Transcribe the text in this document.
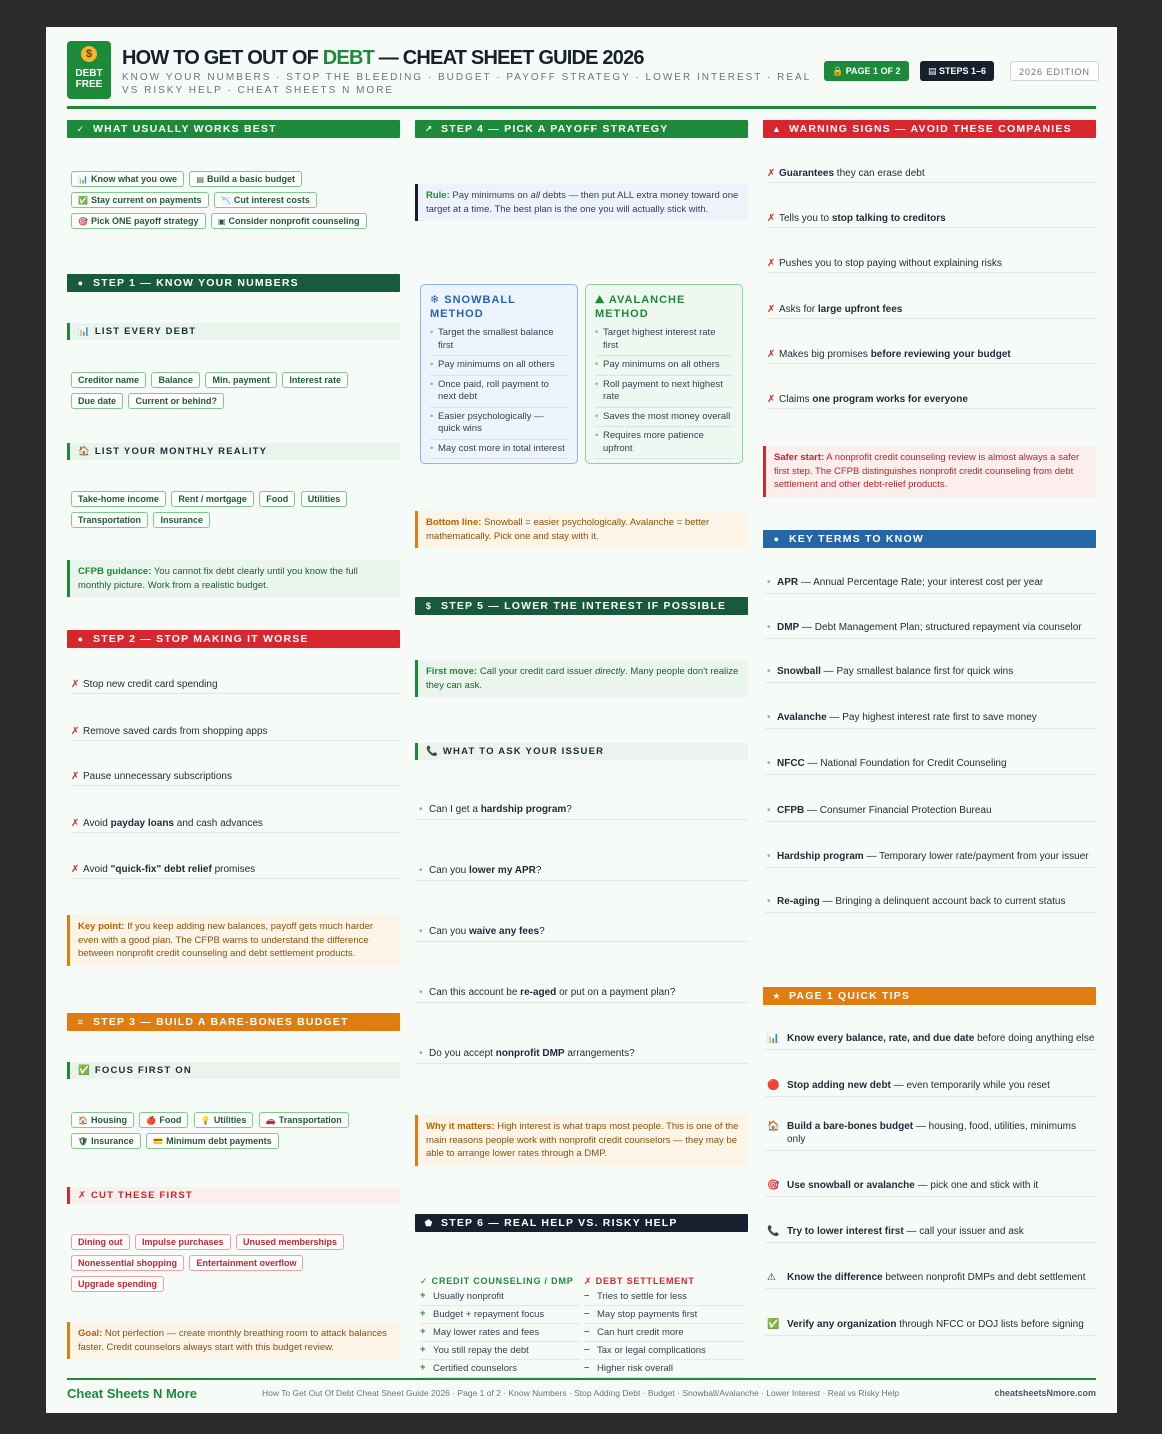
$
DEBT
FREE
HOW TO GET OUT OF DEBT — CHEAT SHEET GUIDE 2026
KNOW YOUR NUMBERS · STOP THE BLEEDING · BUDGET · PAYOFF STRATEGY · LOWER INTEREST · REAL VS RISKY HELP · CHEAT SHEETS N MORE
🔒 PAGE 1 OF 2	▤ STEPS 1–6	2026 EDITION
✓ WHAT USUALLY WORKS BEST
📊 Know what you owe ▤ Build a basic budget ✅ Stay current on payments 📉 Cut interest costs 🎯 Pick ONE payoff strategy ▣ Consider nonprofit counseling
● STEP 1 — KNOW YOUR NUMBERS
📊 LIST EVERY DEBT
Creditor name Balance Min. payment Interest rate Due date Current or behind?
🏠 LIST YOUR MONTHLY REALITY
Take-home income Rent / mortgage Food Utilities Transportation Insurance
CFPB guidance: You cannot fix debt clearly until you know the full monthly picture. Work from a realistic budget.
● STEP 2 — STOP MAKING IT WORSE
✗ Stop new credit card spending
✗ Remove saved cards from shopping apps
✗ Pause unnecessary subscriptions
✗ Avoid payday loans and cash advances
✗ Avoid "quick-fix" debt relief promises
Key point: If you keep adding new balances, payoff gets much harder even with a good plan. The CFPB warns to understand the difference between nonprofit credit counseling and debt settlement products.
≡ STEP 3 — BUILD A BARE-BONES BUDGET
✅ FOCUS FIRST ON
🏠 Housing 🍎 Food 💡 Utilities 🚗 Transportation 🛡 Insurance 💳 Minimum debt payments
✗ CUT THESE FIRST
Dining out Impulse purchases Unused memberships Nonessential shopping Entertainment overflow Upgrade spending
Goal: Not perfection — create monthly breathing room to attack balances faster. Credit counselors always start with this budget review.
↗ STEP 4 — PICK A PAYOFF STRATEGY
Rule: Pay minimums on all debts — then put ALL extra money toward one target at a time. The best plan is the one you will actually stick with.
❄ SNOWBALL METHOD
• Target the smallest balance first
• Pay minimums on all others
• Once paid, roll payment to next debt
• Easier psychologically — quick wins
• May cost more in total interest
⛰ AVALANCHE METHOD
• Target highest interest rate first
• Pay minimums on all others
• Roll payment to next highest rate
• Saves the most money overall
• Requires more patience upfront
Bottom line: Snowball = easier psychologically. Avalanche = better mathematically. Pick one and stay with it.
$ STEP 5 — LOWER THE INTEREST IF POSSIBLE
First move: Call your credit card issuer directly. Many people don't realize they can ask.
📞 WHAT TO ASK YOUR ISSUER
• Can I get a hardship program?
• Can you lower my APR?
• Can you waive any fees?
• Can this account be re-aged or put on a payment plan?
• Do you accept nonprofit DMP arrangements?
Why it matters: High interest is what traps most people. This is one of the main reasons people work with nonprofit credit counselors — they may be able to arrange lower rates through a DMP.
⬟ STEP 6 — REAL HELP VS. RISKY HELP
✓ CREDIT COUNSELING / DMP
+ Usually nonprofit
+ Budget + repayment focus
+ May lower rates and fees
+ You still repay the debt
+ Certified counselors
✗ DEBT SETTLEMENT
– Tries to settle for less
– May stop payments first
– Can hurt credit more
– Tax or legal complications
– Higher risk overall
▲ WARNING SIGNS — AVOID THESE COMPANIES
✗ Guarantees they can erase debt
✗ Tells you to stop talking to creditors
✗ Pushes you to stop paying without explaining risks
✗ Asks for large upfront fees
✗ Makes big promises before reviewing your budget
✗ Claims one program works for everyone
Safer start: A nonprofit credit counseling review is almost always a safer first step. The CFPB distinguishes nonprofit credit counseling from debt settlement and other debt-relief products.
● KEY TERMS TO KNOW
• APR — Annual Percentage Rate; your interest cost per year
• DMP — Debt Management Plan; structured repayment via counselor
• Snowball — Pay smallest balance first for quick wins
• Avalanche — Pay highest interest rate first to save money
• NFCC — National Foundation for Credit Counseling
• CFPB — Consumer Financial Protection Bureau
• Hardship program — Temporary lower rate/payment from your issuer
• Re-aging — Bringing a delinquent account back to current status
★ PAGE 1 QUICK TIPS
📊 Know every balance, rate, and due date before doing anything else
🔴 Stop adding new debt — even temporarily while you reset
🏠 Build a bare-bones budget — housing, food, utilities, minimums only
🎯 Use snowball or avalanche — pick one and stick with it
📞 Try to lower interest first — call your issuer and ask
⚠	Know the difference between nonprofit DMPs and debt settlement
✅ Verify any organization through NFCC or DOJ lists before signing
Cheat Sheets N More	How To Get Out Of Debt Cheat Sheet Guide 2026 · Page 1 of 2 · Know Numbers · Stop Adding Debt · Budget · Snowball/Avalanche · Lower Interest · Real vs Risky Help	cheatsheetsNmore.com
